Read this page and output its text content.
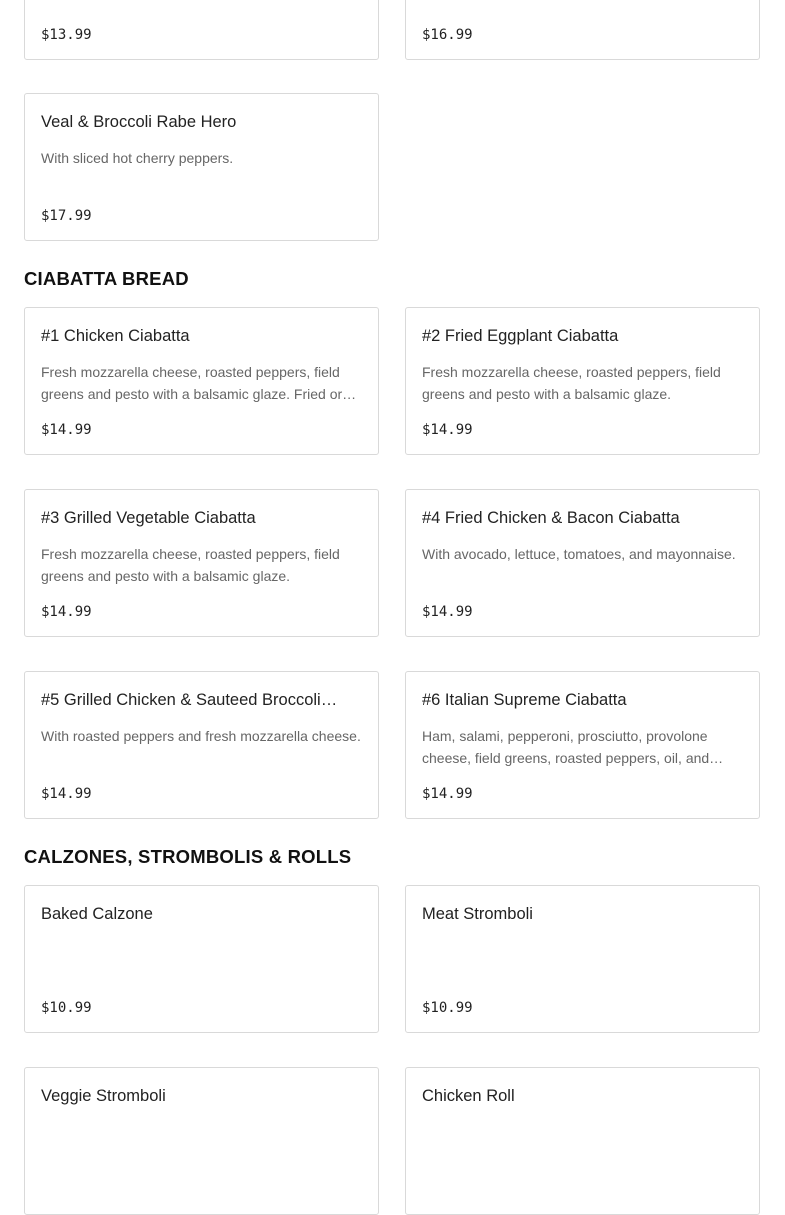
$13.99	$16.99
Veal & Broccoli Rabe Hero
With sliced hot cherry peppers.
$17.99
CIABATTA BREAD
#1 Chicken Ciabatta
Fresh mozzarella cheese, roasted peppers, field greens and pesto with a balsamic glaze. Fried or…
$14.99
#2 Fried Eggplant Ciabatta
Fresh mozzarella cheese, roasted peppers, field greens and pesto with a balsamic glaze.
$14.99
#3 Grilled Vegetable Ciabatta
Fresh mozzarella cheese, roasted peppers, field greens and pesto with a balsamic glaze.
$14.99
#4 Fried Chicken & Bacon Ciabatta
With avocado, lettuce, tomatoes, and mayonnaise.
$14.99
#5 Grilled Chicken & Sauteed Broccoli…
With roasted peppers and fresh mozzarella cheese.
$14.99
#6 Italian Supreme Ciabatta
Ham, salami, pepperoni, prosciutto, provolone cheese, field greens, roasted peppers, oil, and…
$14.99
CALZONES, STROMBOLIS & ROLLS
Baked Calzone
$10.99
Meat Stromboli
$10.99
Veggie Stromboli	Chicken Roll
